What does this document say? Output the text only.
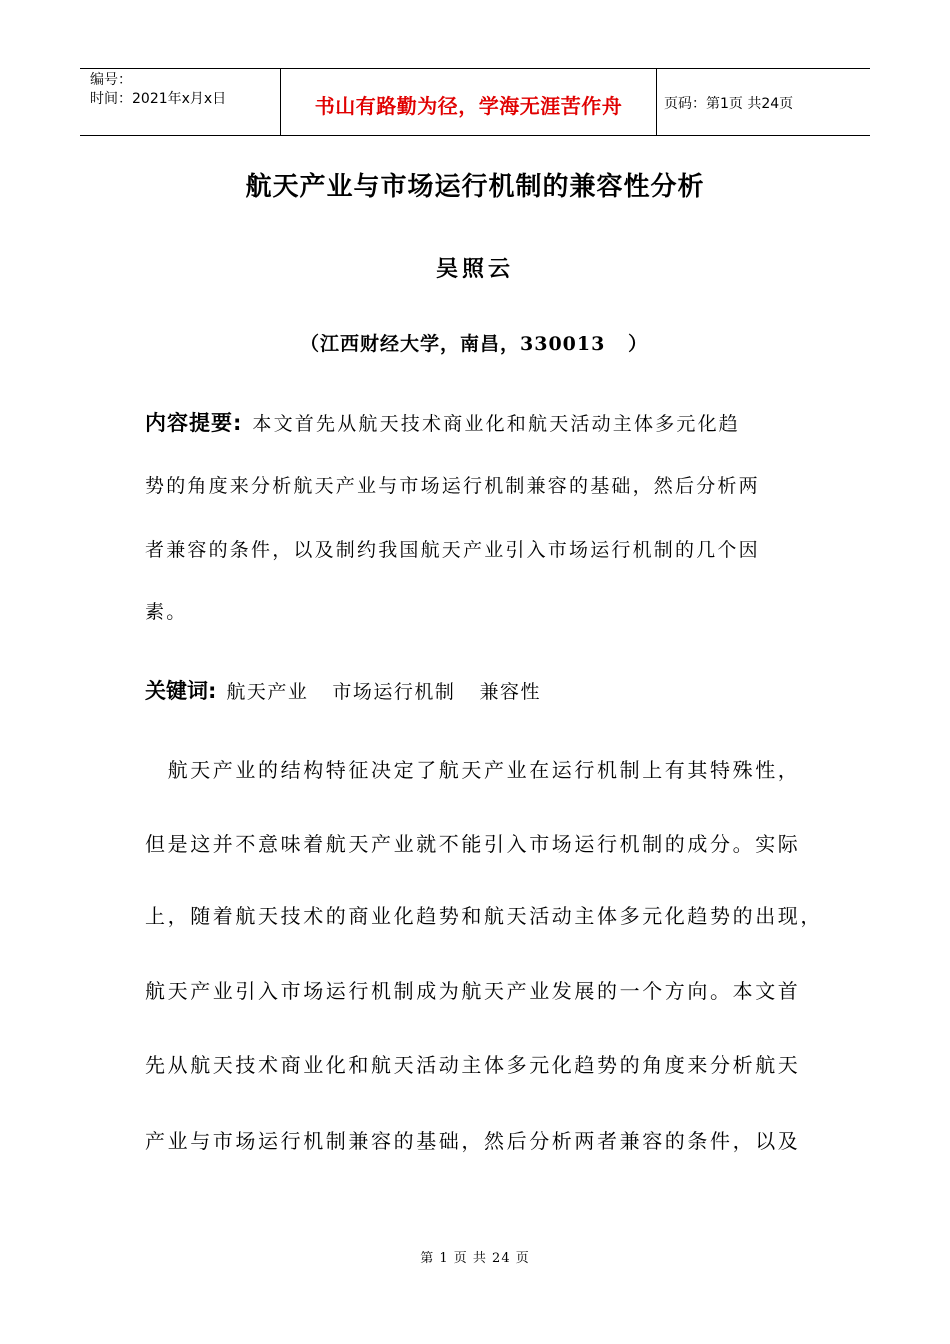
编号：
时间：2021年x月x日	书山有路勤为径，学海无涯苦作舟	页码：第1页 共24页
航天产业与市场运行机制的兼容性分析
吴照云
（江西财经大学，南昌，330013   ）
内容提要: 本文首先从航天技术商业化和航天活动主体多元化趋
势的角度来分析航天产业与市场运行机制兼容的基础，然后分析两
者兼容的条件，以及制约我国航天产业引入市场运行机制的几个因
素。
关键词: 航天产业 市场运行机制 兼容性
　航天产业的结构特征决定了航天产业在运行机制上有其特殊性，
但是这并不意味着航天产业就不能引入市场运行机制的成分。实际
上，随着航天技术的商业化趋势和航天活动主体多元化趋势的出现，
航天产业引入市场运行机制成为航天产业发展的一个方向。本文首
先从航天技术商业化和航天活动主体多元化趋势的角度来分析航天
产业与市场运行机制兼容的基础，然后分析两者兼容的条件，以及
第 1 页 共 24 页
